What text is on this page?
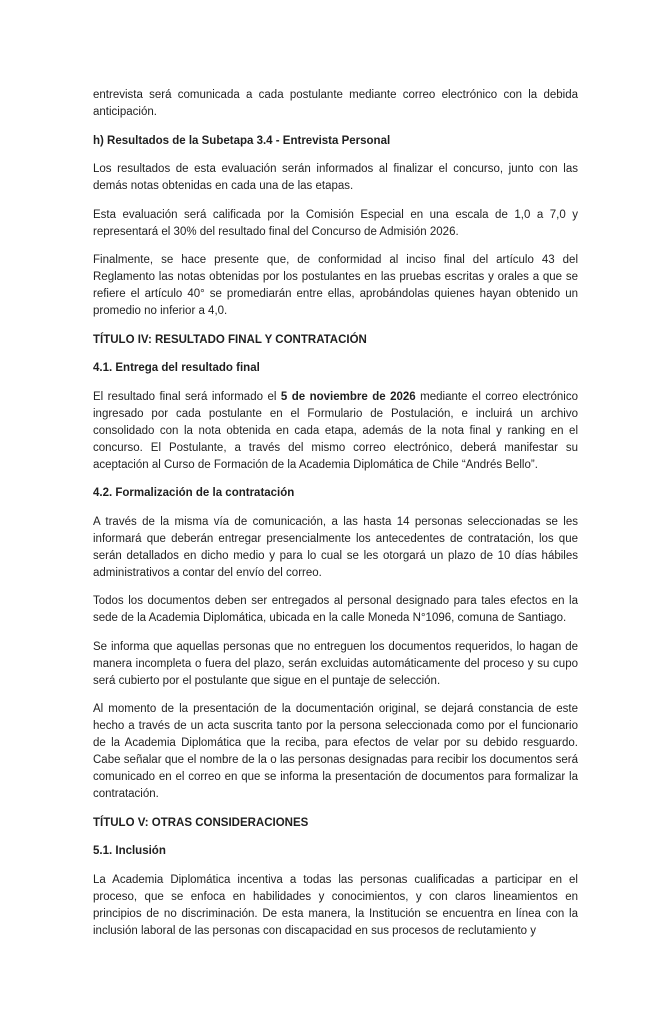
entrevista será comunicada a cada postulante mediante correo electrónico con la debida anticipación.

h) Resultados de la Subetapa 3.4 - Entrevista Personal

Los resultados de esta evaluación serán informados al finalizar el concurso, junto con las demás notas obtenidas en cada una de las etapas.

Esta evaluación será calificada por la Comisión Especial en una escala de 1,0 a 7,0 y representará el 30% del resultado final del Concurso de Admisión 2026.

Finalmente, se hace presente que, de conformidad al inciso final del artículo 43 del Reglamento las notas obtenidas por los postulantes en las pruebas escritas y orales a que se refiere el artículo 40° se promediarán entre ellas, aprobándolas quienes hayan obtenido un promedio no inferior a 4,0.

TÍTULO IV: RESULTADO FINAL Y CONTRATACIÓN
4.1. Entrega del resultado final

El resultado final será informado el 5 de noviembre de 2026 mediante el correo electrónico ingresado por cada postulante en el Formulario de Postulación, e incluirá un archivo consolidado con la nota obtenida en cada etapa, además de la nota final y ranking en el concurso. El Postulante, a través del mismo correo electrónico, deberá manifestar su aceptación al Curso de Formación de la Academia Diplomática de Chile “Andrés Bello”.

4.2. Formalización de la contratación

A través de la misma vía de comunicación, a las hasta 14 personas seleccionadas se les informará que deberán entregar presencialmente los antecedentes de contratación, los que serán detallados en dicho medio y para lo cual se les otorgará un plazo de 10 días hábiles administrativos a contar del envío del correo.

Todos los documentos deben ser entregados al personal designado para tales efectos en la sede de la Academia Diplomática, ubicada en la calle Moneda N°1096, comuna de Santiago.

Se informa que aquellas personas que no entreguen los documentos requeridos, lo hagan de manera incompleta o fuera del plazo, serán excluidas automáticamente del proceso y su cupo será cubierto por el postulante que sigue en el puntaje de selección.

Al momento de la presentación de la documentación original, se dejará constancia de este hecho a través de un acta suscrita tanto por la persona seleccionada como por el funcionario de la Academia Diplomática que la reciba, para efectos de velar por su debido resguardo. Cabe señalar que el nombre de la o las personas designadas para recibir los documentos será comunicado en el correo en que se informa la presentación de documentos para formalizar la contratación.

TÍTULO V: OTRAS CONSIDERACIONES
5.1. Inclusión

La Academia Diplomática incentiva a todas las personas cualificadas a participar en el proceso, que se enfoca en habilidades y conocimientos, y con claros lineamientos en principios de no discriminación. De esta manera, la Institución se encuentra en línea con la inclusión laboral de las personas con discapacidad en sus procesos de reclutamiento y
